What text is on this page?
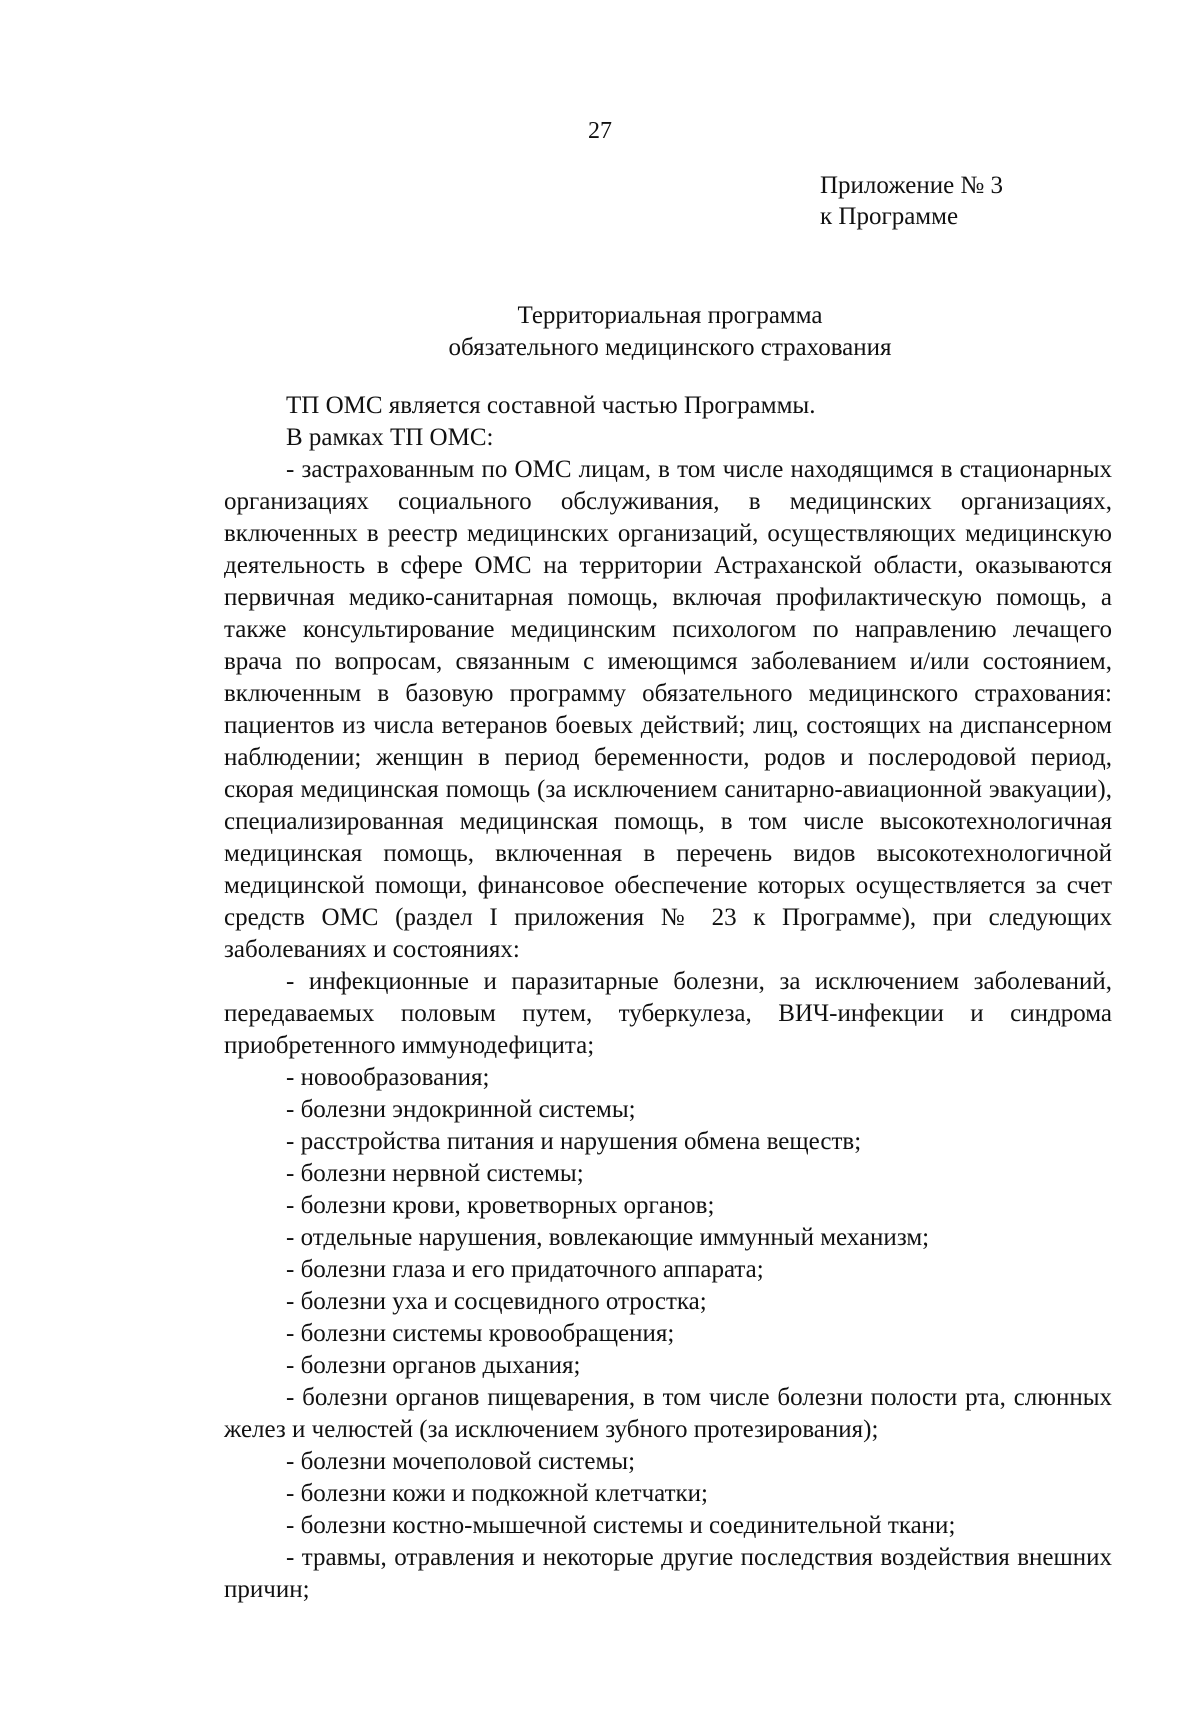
27
Приложение № 3
к Программе
Территориальная программа
обязательного медицинского страхования

ТП ОМС является составной частью Программы.

В рамках ТП ОМС:

- застрахованным по ОМС лицам, в том числе находящимся в стационарных организациях социального обслуживания, в медицинских организациях, включенных в реестр медицинских организаций, осуществляющих медицинскую деятельность в сфере ОМС на территории Астраханской области, оказываются первичная медико-санитарная помощь, включая профилактическую помощь, а также консультирование медицинским психологом по направлению лечащего врача по вопросам, связанным с имеющимся заболеванием и/или состоянием, включенным в базовую программу обязательного медицинского страхования: пациентов из числа ветеранов боевых действий; лиц, состоящих на диспансерном наблюдении; женщин в период беременности, родов и послеродовой период, скорая медицинская помощь (за исключением санитарно-авиационной эвакуации), специализированная медицинская помощь, в том числе высокотехнологичная медицинская помощь, включенная в перечень видов высокотехнологичной медицинской помощи, финансовое обеспечение которых осуществляется за счет средств ОМС (раздел I приложения № 23 к Программе), при следующих заболеваниях и состояниях:

- инфекционные и паразитарные болезни, за исключением заболеваний, передаваемых половым путем, туберкулеза, ВИЧ-инфекции и синдрома приобретенного иммунодефицита;
- новообразования;
- болезни эндокринной системы;
- расстройства питания и нарушения обмена веществ;
- болезни нервной системы;
- болезни крови, кроветворных органов;
- отдельные нарушения, вовлекающие иммунный механизм;
- болезни глаза и его придаточного аппарата;
- болезни уха и сосцевидного отростка;
- болезни системы кровообращения;
- болезни органов дыхания;
- болезни органов пищеварения, в том числе болезни полости рта, слюнных желез и челюстей (за исключением зубного протезирования);
- болезни мочеполовой системы;
- болезни кожи и подкожной клетчатки;
- болезни костно-мышечной системы и соединительной ткани;
- травмы, отравления и некоторые другие последствия воздействия внешних причин;
